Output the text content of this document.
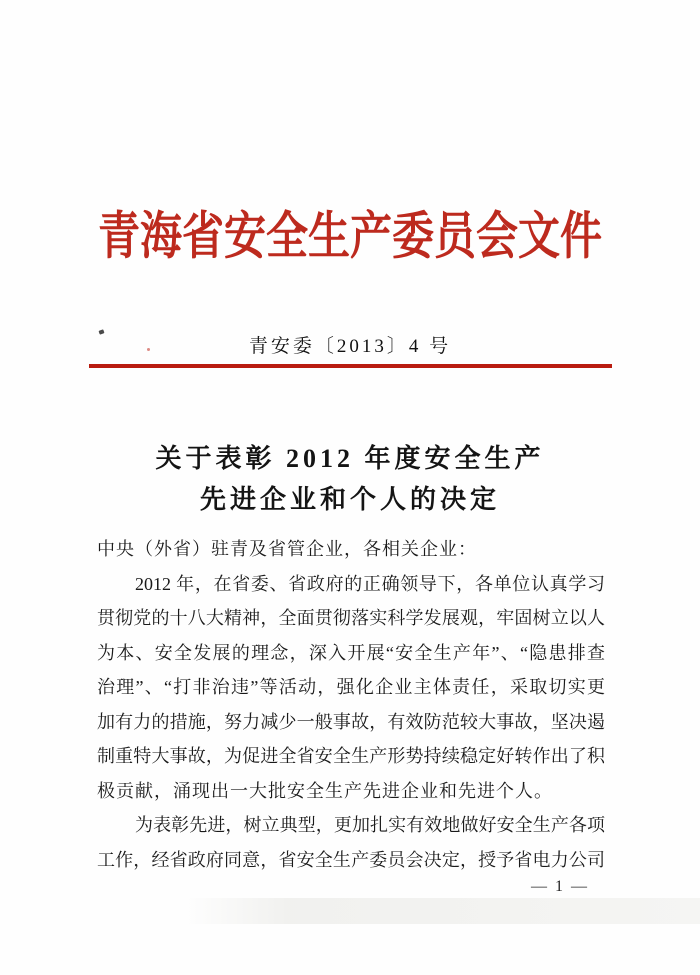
青海省安全生产委员会文件
青安委〔2013〕4 号
关于表彰 2012 年度安全生产
先进企业和个人的决定
中央（外省）驻青及省管企业，各相关企业：
2012 年，在省委、省政府的正确领导下，各单位认真学习
贯彻党的十八大精神，全面贯彻落实科学发展观，牢固树立以人
为本、安全发展的理念，深入开展“安全生产年”、“隐患排查
治理”、“打非治违”等活动，强化企业主体责任，采取切实更
加有力的措施，努力减少一般事故，有效防范较大事故，坚决遏
制重特大事故，为促进全省安全生产形势持续稳定好转作出了积
极贡献，涌现出一大批安全生产先进企业和先进个人。
为表彰先进，树立典型，更加扎实有效地做好安全生产各项
工作，经省政府同意，省安全生产委员会决定，授予省电力公司
— 1 —
